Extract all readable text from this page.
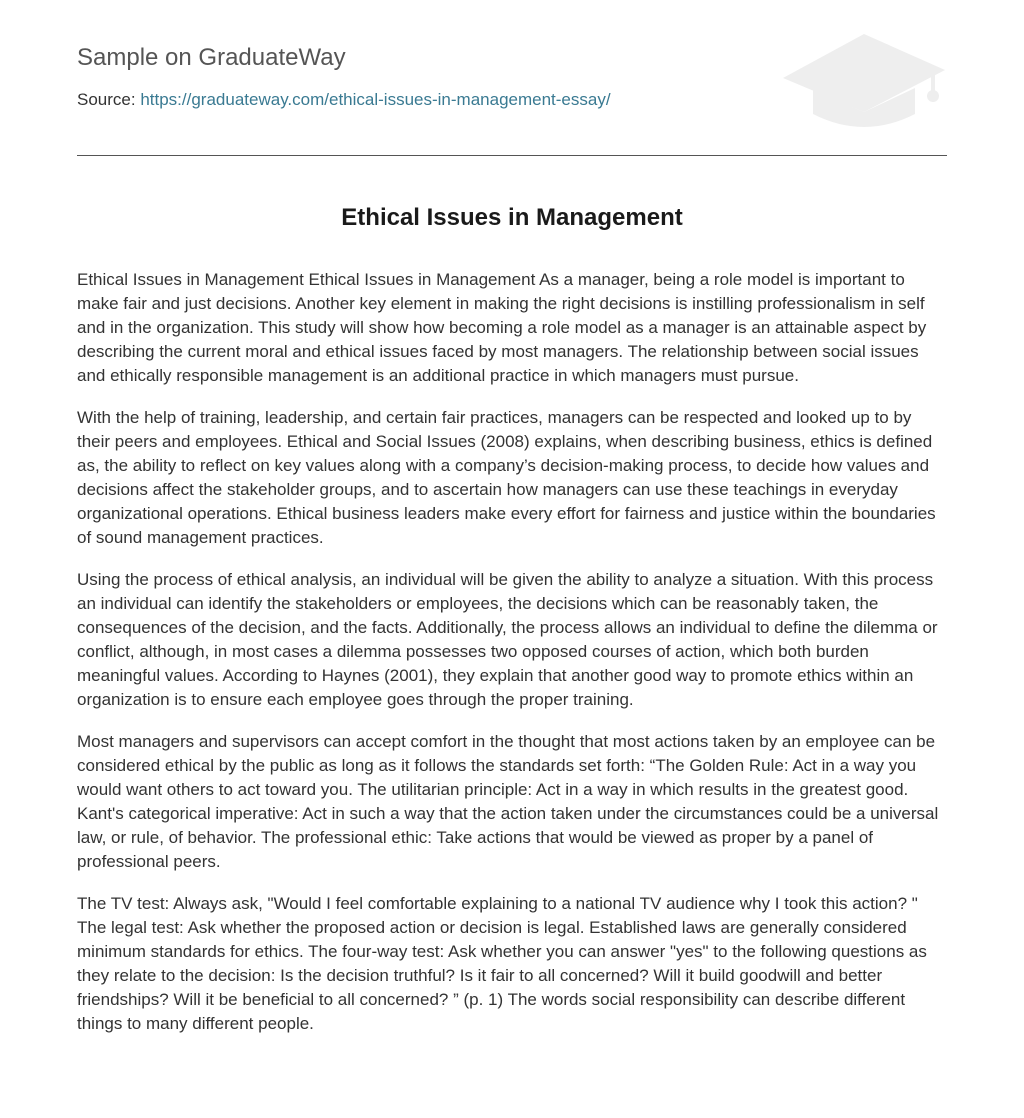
Sample on GraduateWay
Source: https://graduateway.com/ethical-issues-in-management-essay/
Ethical Issues in Management

Ethical Issues in Management Ethical Issues in Management As a manager, being a role model is important to make fair and just decisions. Another key element in making the right decisions is instilling professionalism in self and in the organization. This study will show how becoming a role model as a manager is an attainable aspect by describing the current moral and ethical issues faced by most managers. The relationship between social issues and ethically responsible management is an additional practice in which managers must pursue.

With the help of training, leadership, and certain fair practices, managers can be respected and looked up to by their peers and employees. Ethical and Social Issues (2008) explains, when describing business, ethics is defined as, the ability to reflect on key values along with a company’s decision-making process, to decide how values and decisions affect the stakeholder groups, and to ascertain how managers can use these teachings in everyday organizational operations. Ethical business leaders make every effort for fairness and justice within the boundaries of sound management practices.

Using the process of ethical analysis, an individual will be given the ability to analyze a situation. With this process an individual can identify the stakeholders or employees, the decisions which can be reasonably taken, the consequences of the decision, and the facts. Additionally, the process allows an individual to define the dilemma or conflict, although, in most cases a dilemma possesses two opposed courses of action, which both burden meaningful values. According to Haynes (2001), they explain that another good way to promote ethics within an organization is to ensure each employee goes through the proper training.

Most managers and supervisors can accept comfort in the thought that most actions taken by an employee can be considered ethical by the public as long as it follows the standards set forth: “The Golden Rule: Act in a way you would want others to act toward you. The utilitarian principle: Act in a way in which results in the greatest good. Kant's categorical imperative: Act in such a way that the action taken under the circumstances could be a universal law, or rule, of behavior. The professional ethic: Take actions that would be viewed as proper by a panel of professional peers.

The TV test: Always ask, "Would I feel comfortable explaining to a national TV audience why I took this action? " The legal test: Ask whether the proposed action or decision is legal. Established laws are generally considered minimum standards for ethics. The four-way test: Ask whether you can answer "yes" to the following questions as they relate to the decision: Is the decision truthful? Is it fair to all concerned? Will it build goodwill and better friendships? Will it be beneficial to all concerned? ” (p. 1) The words social responsibility can describe different things to many different people.
